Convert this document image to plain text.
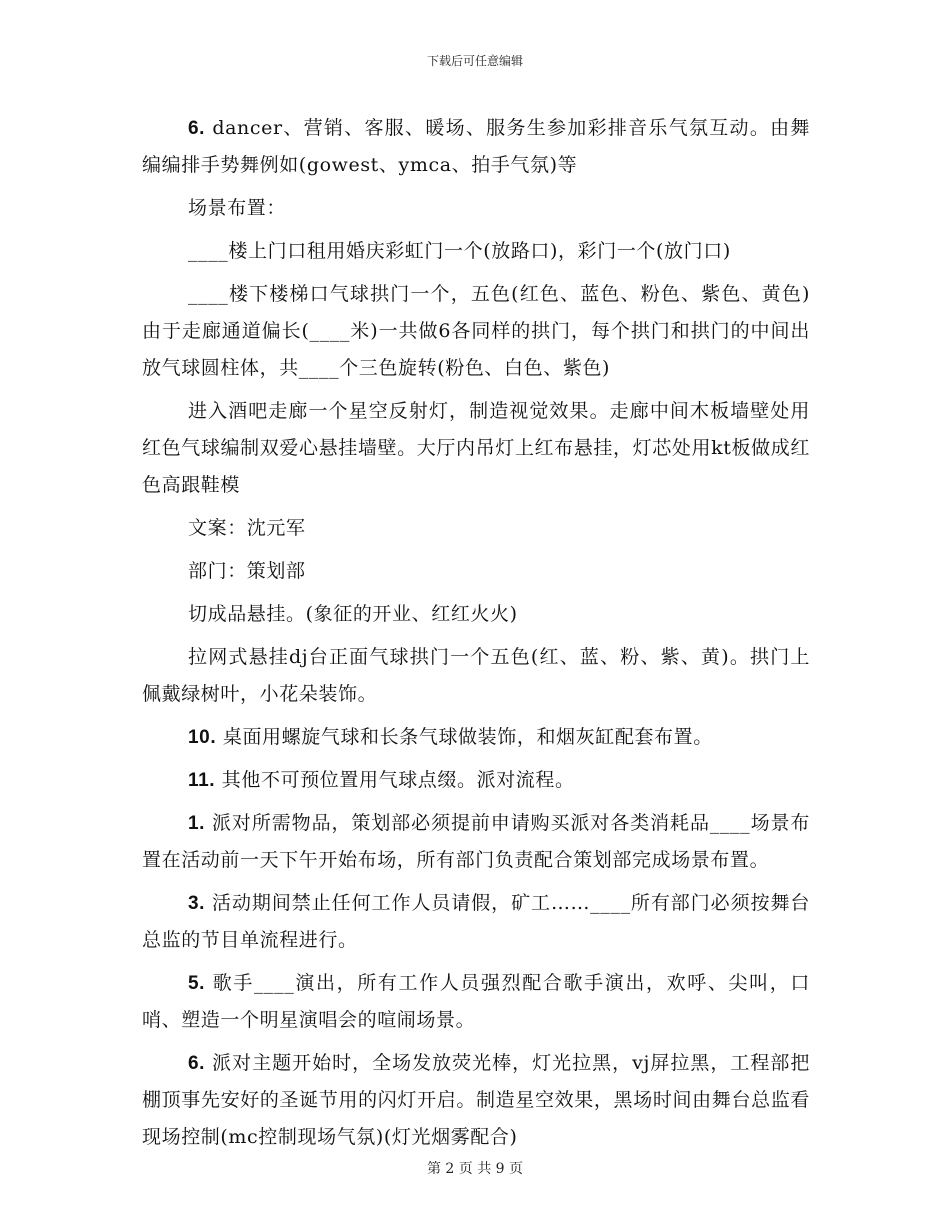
下载后可任意编辑

6. dancer、营销、客服、暖场、服务生参加彩排音乐气氛互动。由舞编编排手势舞例如(gowest、ymca、拍手气氛)等

场景布置：

____楼上门口租用婚庆彩虹门一个(放路口)，彩门一个(放门口)

____楼下楼梯口气球拱门一个，五色(红色、蓝色、粉色、紫色、黄色)由于走廊通道偏长(____米)一共做6各同样的拱门，每个拱门和拱门的中间出放气球圆柱体，共____个三色旋转(粉色、白色、紫色)

进入酒吧走廊一个星空反射灯，制造视觉效果。走廊中间木板墙壁处用红色气球编制双爱心悬挂墙壁。大厅内吊灯上红布悬挂，灯芯处用kt板做成红色高跟鞋模

文案：沈元军

部门：策划部

切成品悬挂。(象征的开业、红红火火)

拉网式悬挂dj台正面气球拱门一个五色(红、蓝、粉、紫、黄)。拱门上佩戴绿树叶，小花朵装饰。

10. 桌面用螺旋气球和长条气球做装饰，和烟灰缸配套布置。

11. 其他不可预位置用气球点缀。派对流程。

1. 派对所需物品，策划部必须提前申请购买派对各类消耗品____场景布置在活动前一天下午开始布场，所有部门负责配合策划部完成场景布置。

3. 活动期间禁止任何工作人员请假，矿工……____所有部门必须按舞台总监的节目单流程进行。

5. 歌手____演出，所有工作人员强烈配合歌手演出，欢呼、尖叫，口哨、塑造一个明星演唱会的喧闹场景。

6. 派对主题开始时，全场发放荧光棒，灯光拉黑，vj屏拉黑，工程部把棚顶事先安好的圣诞节用的闪灯开启。制造星空效果，黑场时间由舞台总监看现场控制(mc控制现场气氛)(灯光烟雾配合)

第 2 页 共 9 页
